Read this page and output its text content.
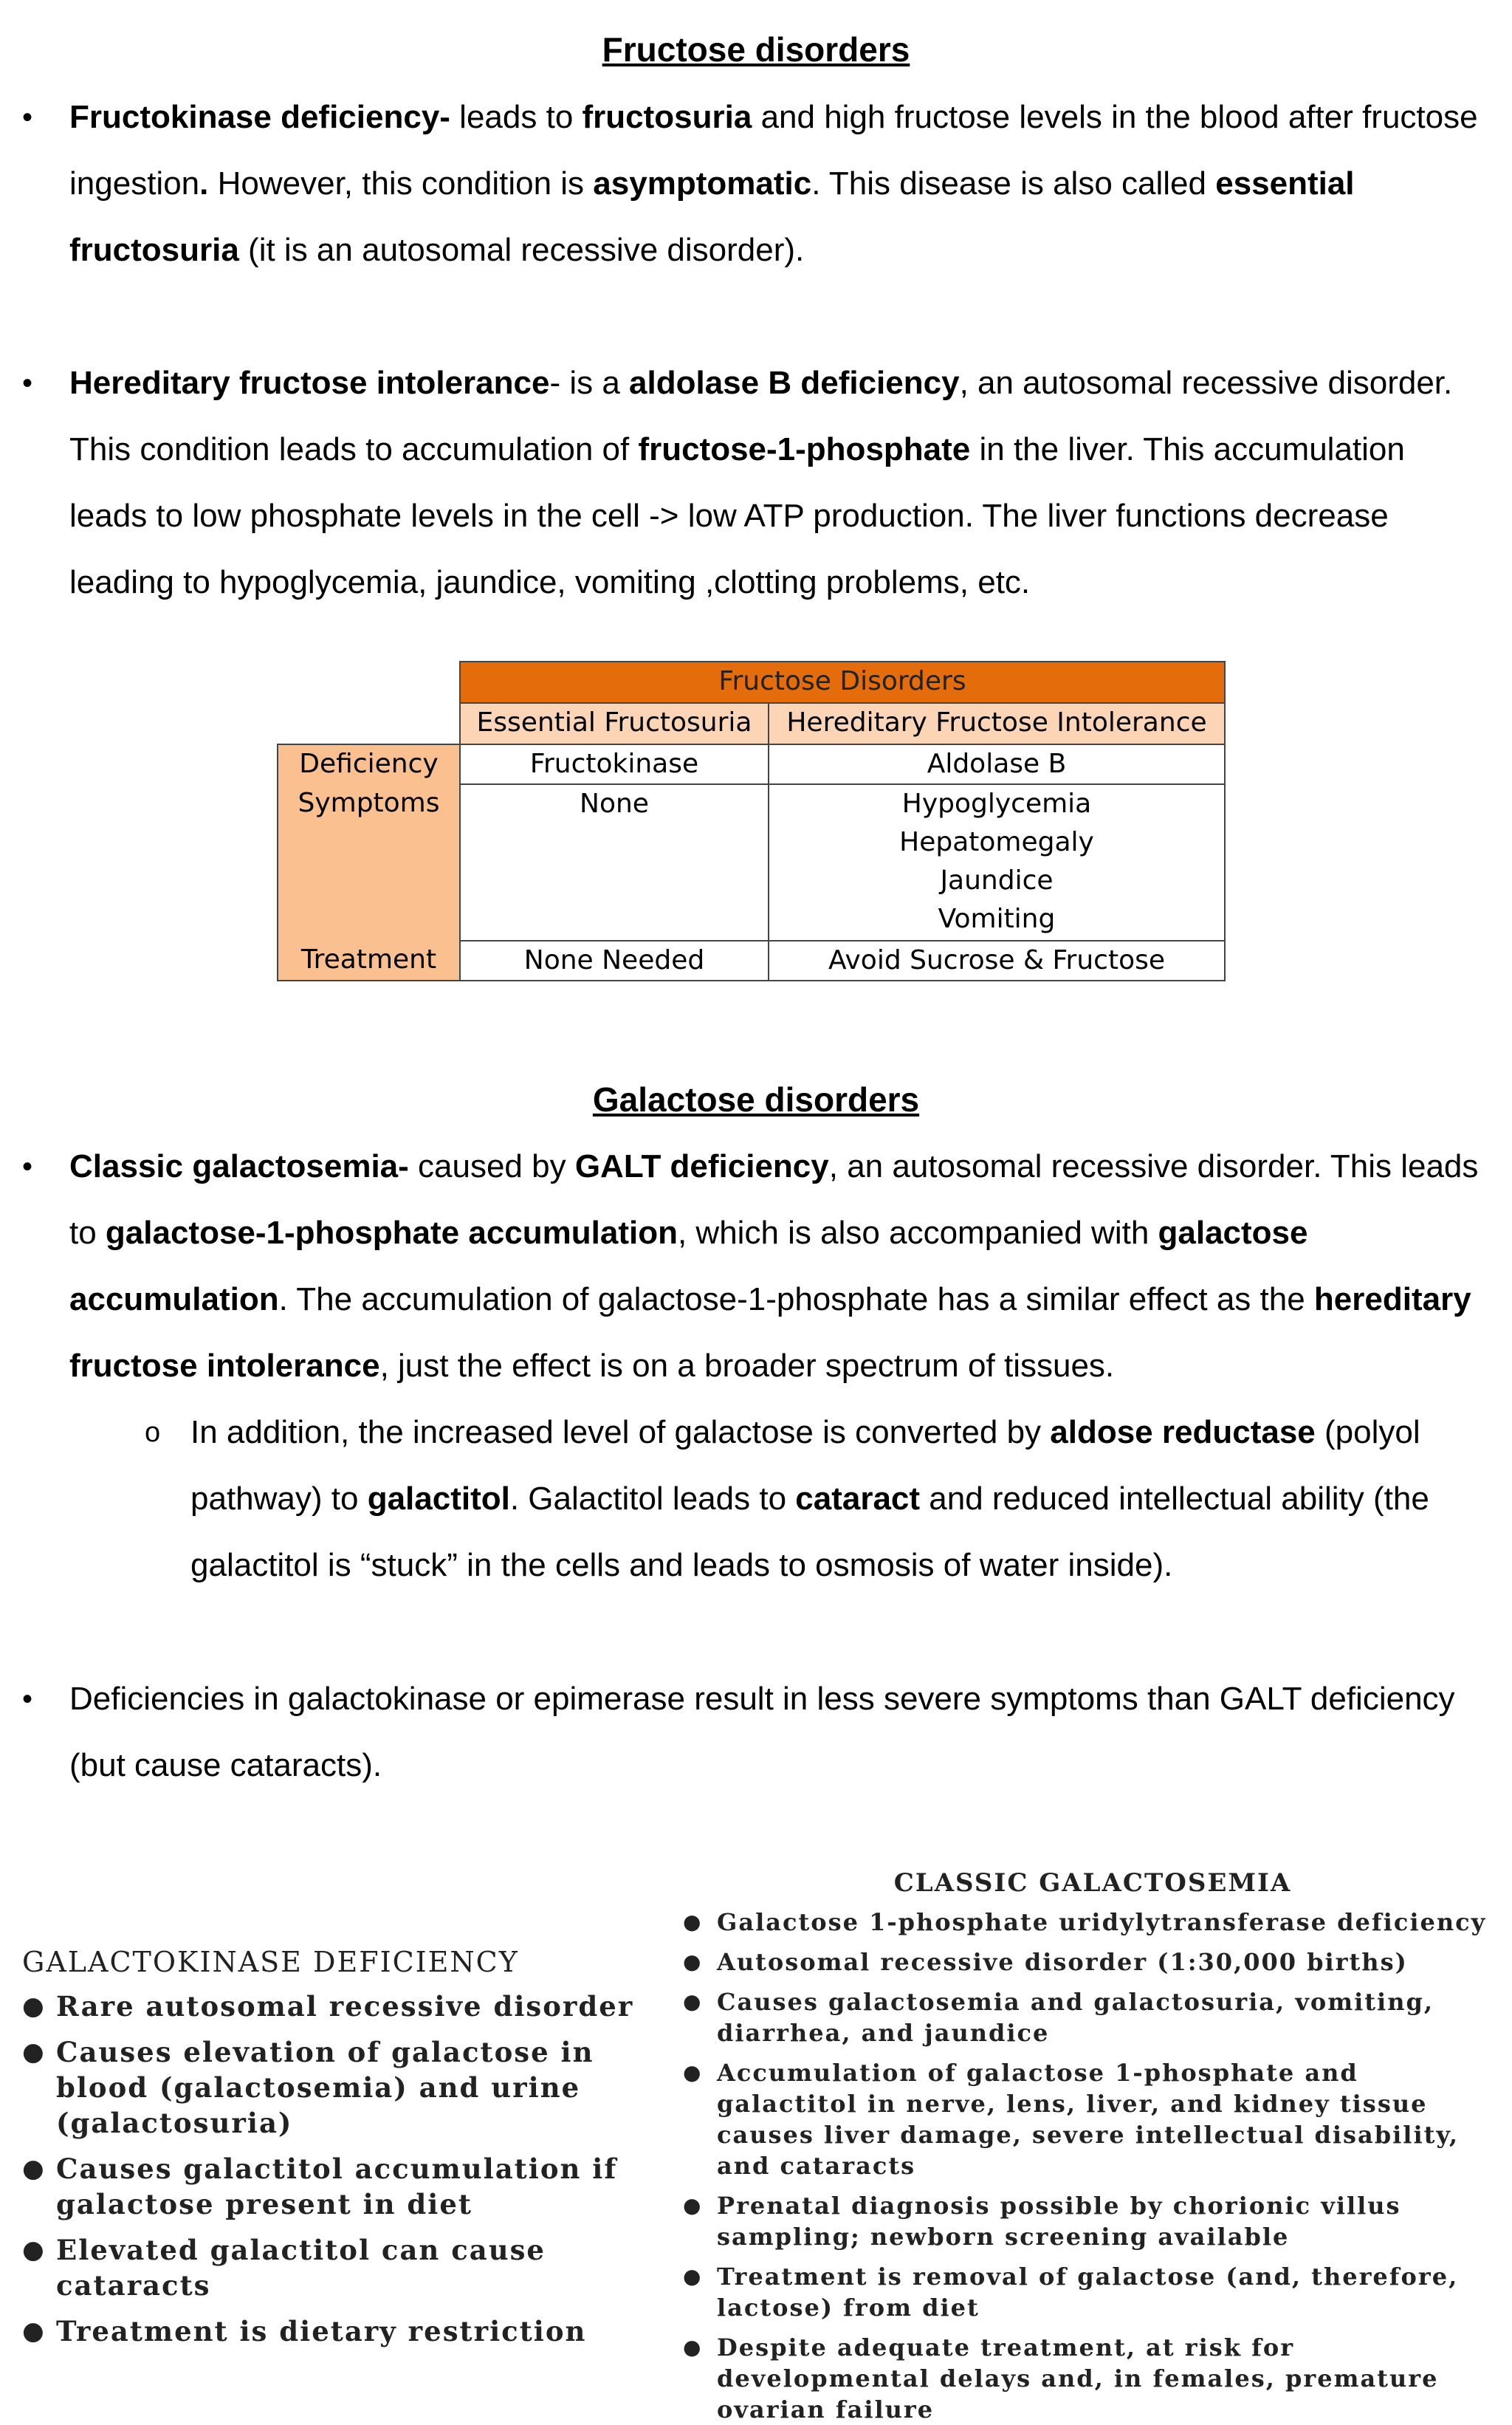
Fructose disorders
• Fructokinase deficiency- leads to fructosuria and high fructose levels in the blood after fructose ingestion. However, this condition is asymptomatic. This disease is also called essential fructosuria (it is an autosomal recessive disorder).
• Hereditary fructose intolerance- is a aldolase B deficiency, an autosomal recessive disorder. This condition leads to accumulation of fructose-1-phosphate in the liver. This accumulation leads to low phosphate levels in the cell -> low ATP production. The liver functions decrease leading to hypoglycemia, jaundice, vomiting ,clotting problems, etc.
	Fructose Disorders	
	Essential Fructosuria	Hereditary Fructose Intolerance
Deficiency	Fructokinase	Aldolase B
Symptoms	None	Hypoglycemia
Hepatomegaly
Jaundice
Vomiting

Treatment	None Needed	Avoid Sucrose & Fructose
Galactose disorders
• Classic galactosemia- caused by GALT deficiency, an autosomal recessive disorder. This leads to galactose-1-phosphate accumulation, which is also accompanied with galactose accumulation. The accumulation of galactose-1-phosphate has a similar effect as the hereditary fructose intolerance, just the effect is on a broader spectrum of tissues.
o In addition, the increased level of galactose is converted by aldose reductase (polyol pathway) to galactitol. Galactitol leads to cataract and reduced intellectual ability (the galactitol is “stuck” in the cells and leads to osmosis of water inside).
• Deficiencies in galactokinase or epimerase result in less severe symptoms than GALT deficiency (but cause cataracts).
GALACTOKINASE DEFICIENCY
● Rare autosomal recessive disorder
● Causes elevation of galactose in blood (galactosemia) and urine (galactosuria)
● Causes galactitol accumulation if galactose present in diet
● Elevated galactitol can cause cataracts
● Treatment is dietary restriction
CLASSIC GALACTOSEMIA
● Galactose 1-phosphate uridylytransferase deficiency
● Autosomal recessive disorder (1:30,000 births)
● Causes galactosemia and galactosuria, vomiting, diarrhea, and jaundice
● Accumulation of galactose 1-phosphate and galactitol in nerve, lens, liver, and kidney tissue causes liver damage, severe intellectual disability, and cataracts
● Prenatal diagnosis possible by chorionic villus sampling; newborn screening available
● Treatment is removal of galactose (and, therefore, lactose) from diet
● Despite adequate treatment, at risk for developmental delays and, in females, premature ovarian failure
